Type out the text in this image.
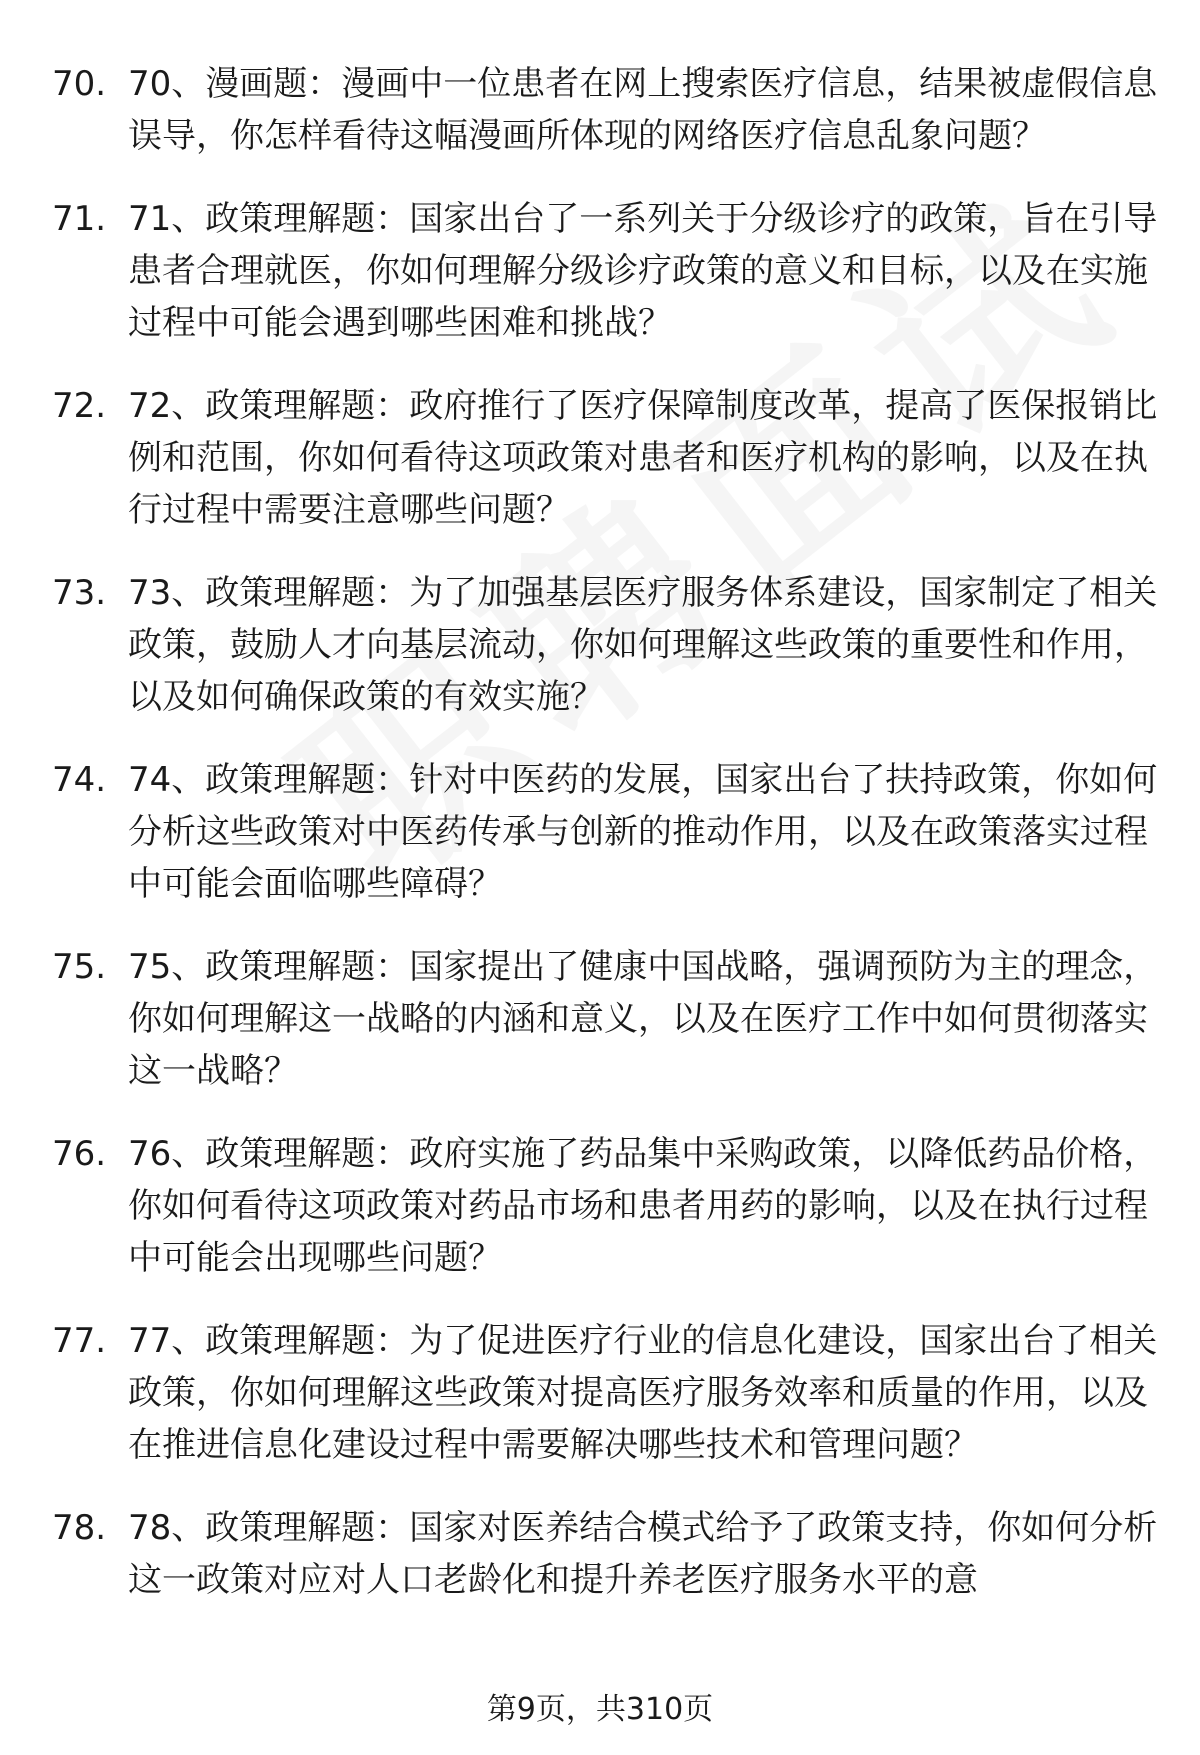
70. 70、漫画题：漫画中一位患者在网上搜索医疗信息，结果被虚假信息误导，你怎样看待这幅漫画所体现的网络医疗信息乱象问题？
71. 71、政策理解题：国家出台了一系列关于分级诊疗的政策，旨在引导患者合理就医，你如何理解分级诊疗政策的意义和目标，以及在实施过程中可能会遇到哪些困难和挑战？
72. 72、政策理解题：政府推行了医疗保障制度改革，提高了医保报销比例和范围，你如何看待这项政策对患者和医疗机构的影响，以及在执行过程中需要注意哪些问题？
73. 73、政策理解题：为了加强基层医疗服务体系建设，国家制定了相关政策，鼓励人才向基层流动，你如何理解这些政策的重要性和作用，以及如何确保政策的有效实施？
74. 74、政策理解题：针对中医药的发展，国家出台了扶持政策，你如何分析这些政策对中医药传承与创新的推动作用，以及在政策落实过程中可能会面临哪些障碍？
75. 75、政策理解题：国家提出了健康中国战略，强调预防为主的理念，你如何理解这一战略的内涵和意义，以及在医疗工作中如何贯彻落实这一战略？
76. 76、政策理解题：政府实施了药品集中采购政策，以降低药品价格，你如何看待这项政策对药品市场和患者用药的影响，以及在执行过程中可能会出现哪些问题？
77. 77、政策理解题：为了促进医疗行业的信息化建设，国家出台了相关政策，你如何理解这些政策对提高医疗服务效率和质量的作用，以及在推进信息化建设过程中需要解决哪些技术和管理问题？
78. 78、政策理解题：国家对医养结合模式给予了政策支持，你如何分析这一政策对应对人口老龄化和提升养老医疗服务水平的意
第9页，共310页
